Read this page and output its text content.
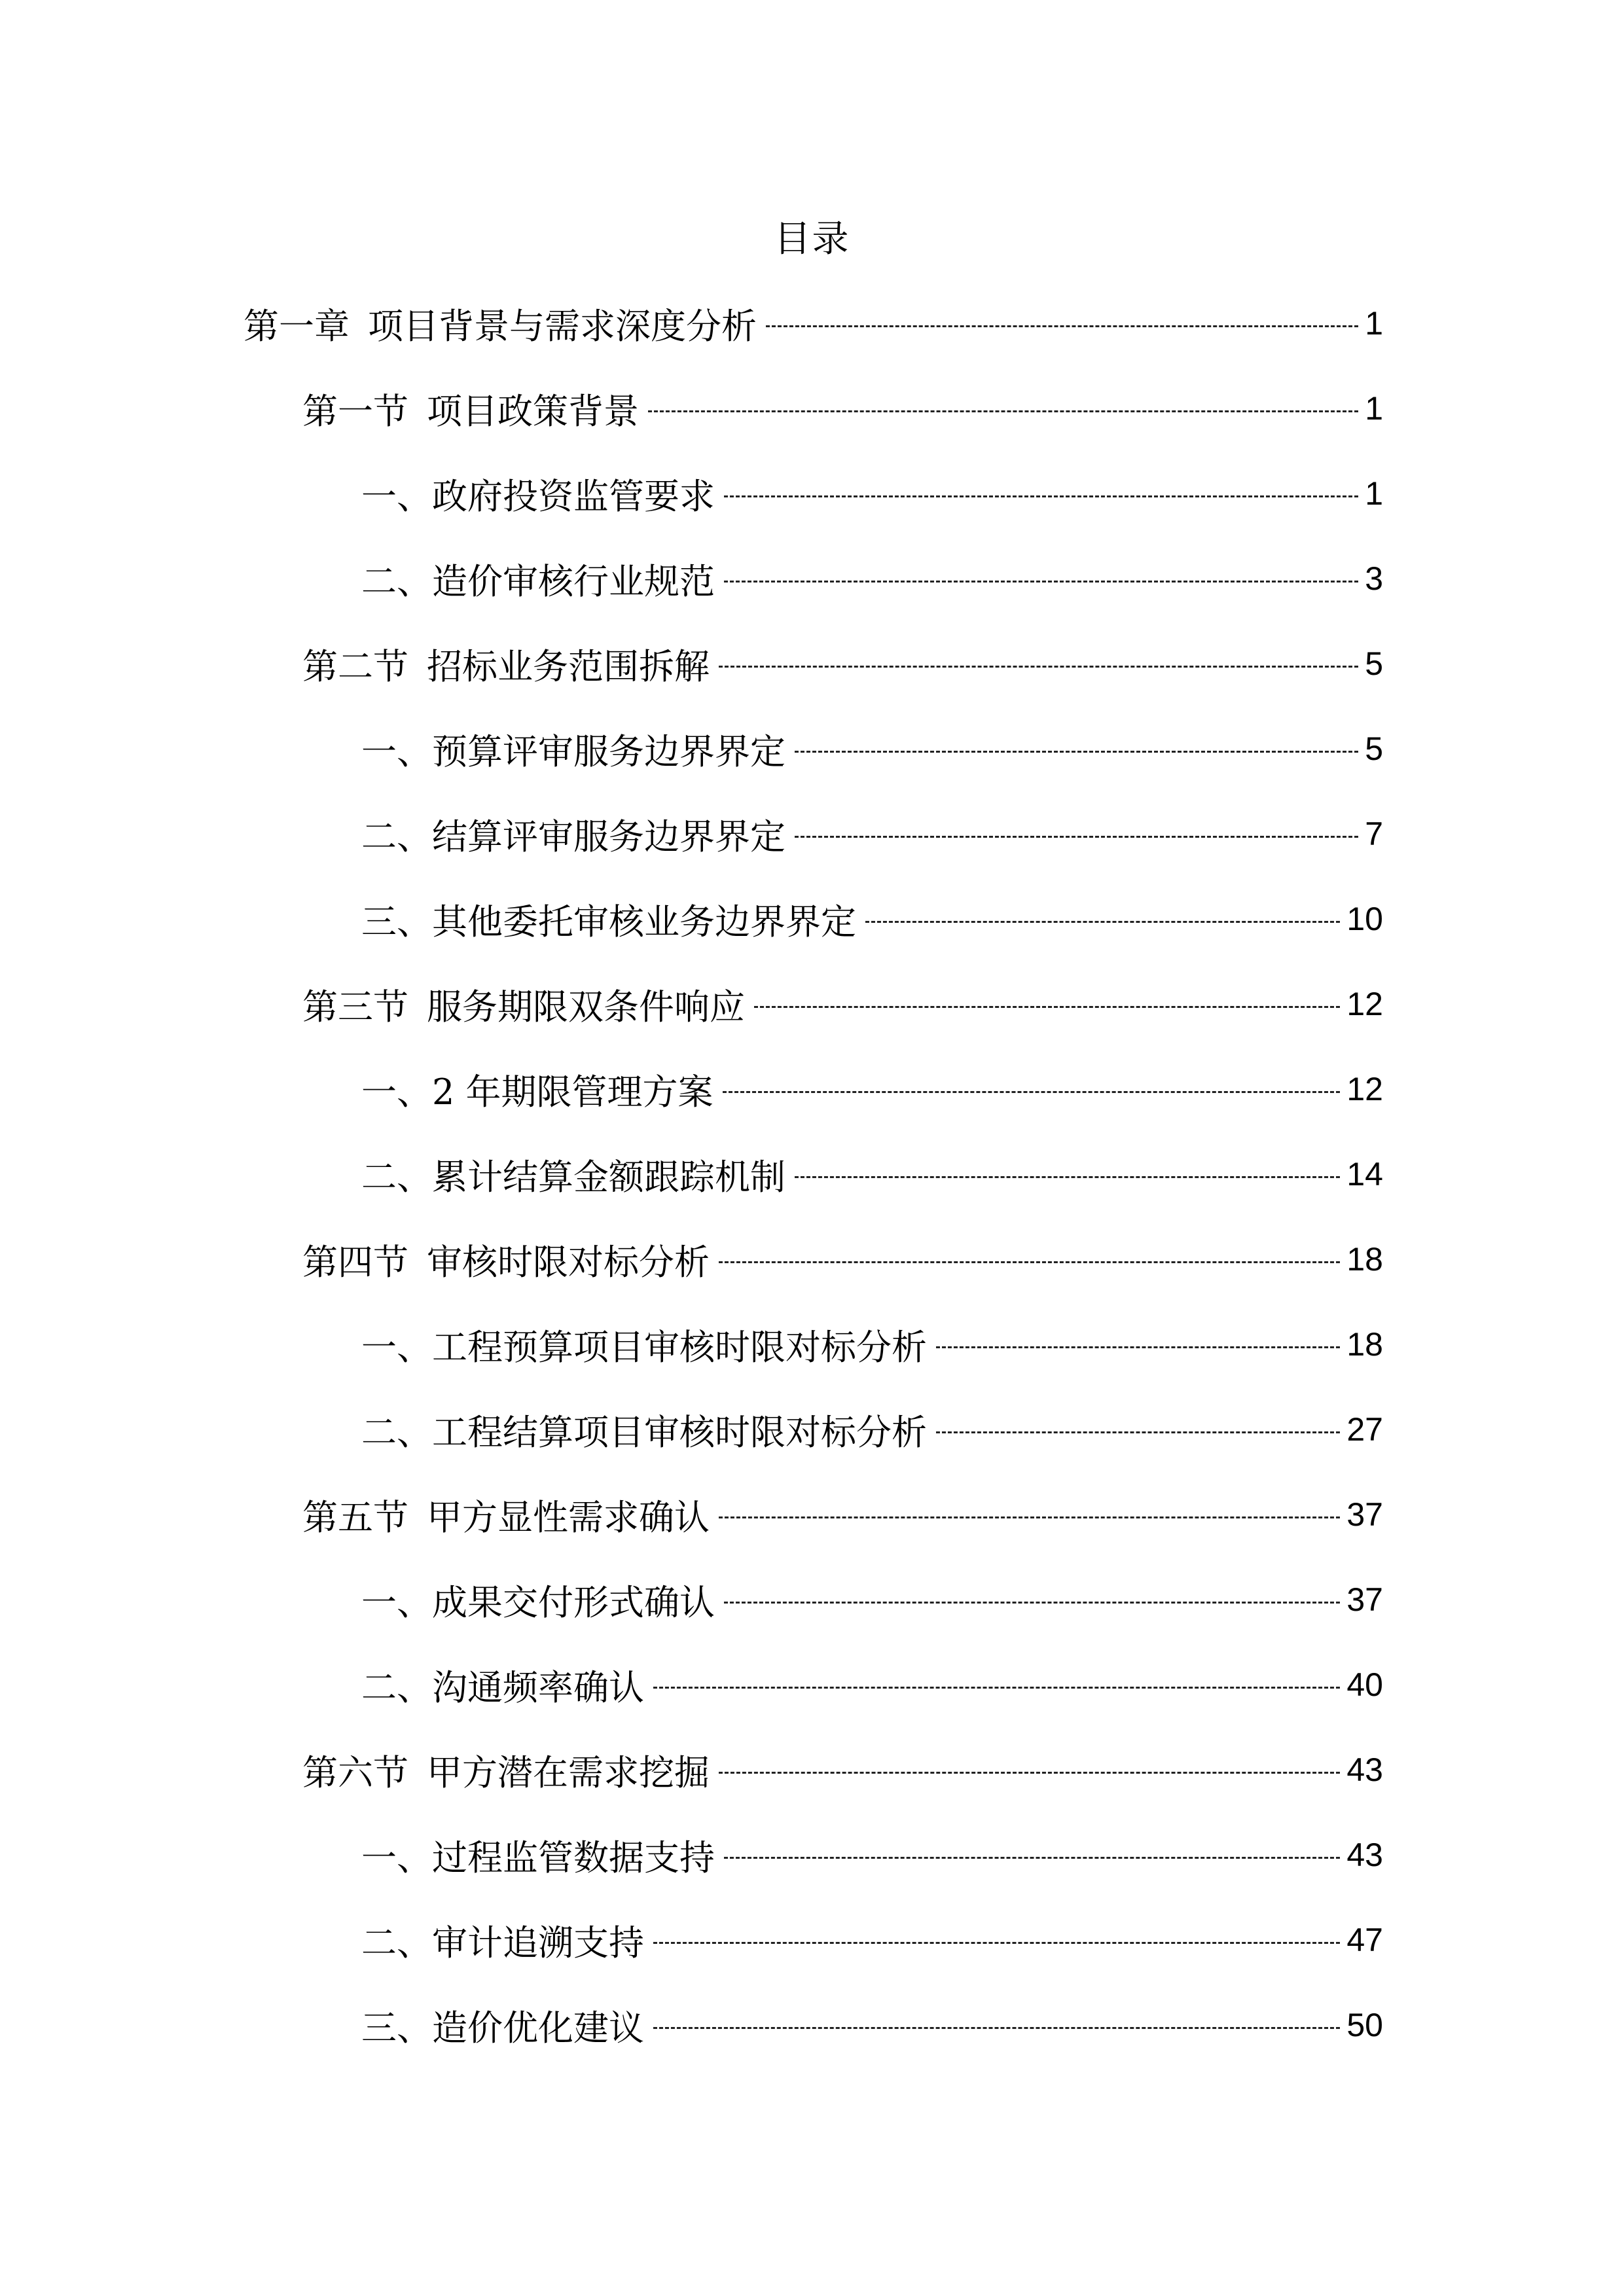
目录
第一章 项目背景与需求深度分析	1
第一节 项目政策背景	1
一、政府投资监管要求	1
二、造价审核行业规范	3
第二节 招标业务范围拆解	5
一、预算评审服务边界界定	5
二、结算评审服务边界界定	7
三、其他委托审核业务边界界定	10
第三节 服务期限双条件响应	12
一、2 年期限管理方案	12
二、累计结算金额跟踪机制	14
第四节 审核时限对标分析	18
一、工程预算项目审核时限对标分析	18
二、工程结算项目审核时限对标分析	27
第五节 甲方显性需求确认	37
一、成果交付形式确认	37
二、沟通频率确认	40
第六节 甲方潜在需求挖掘	43
一、过程监管数据支持	43
二、审计追溯支持	47
三、造价优化建议	50
